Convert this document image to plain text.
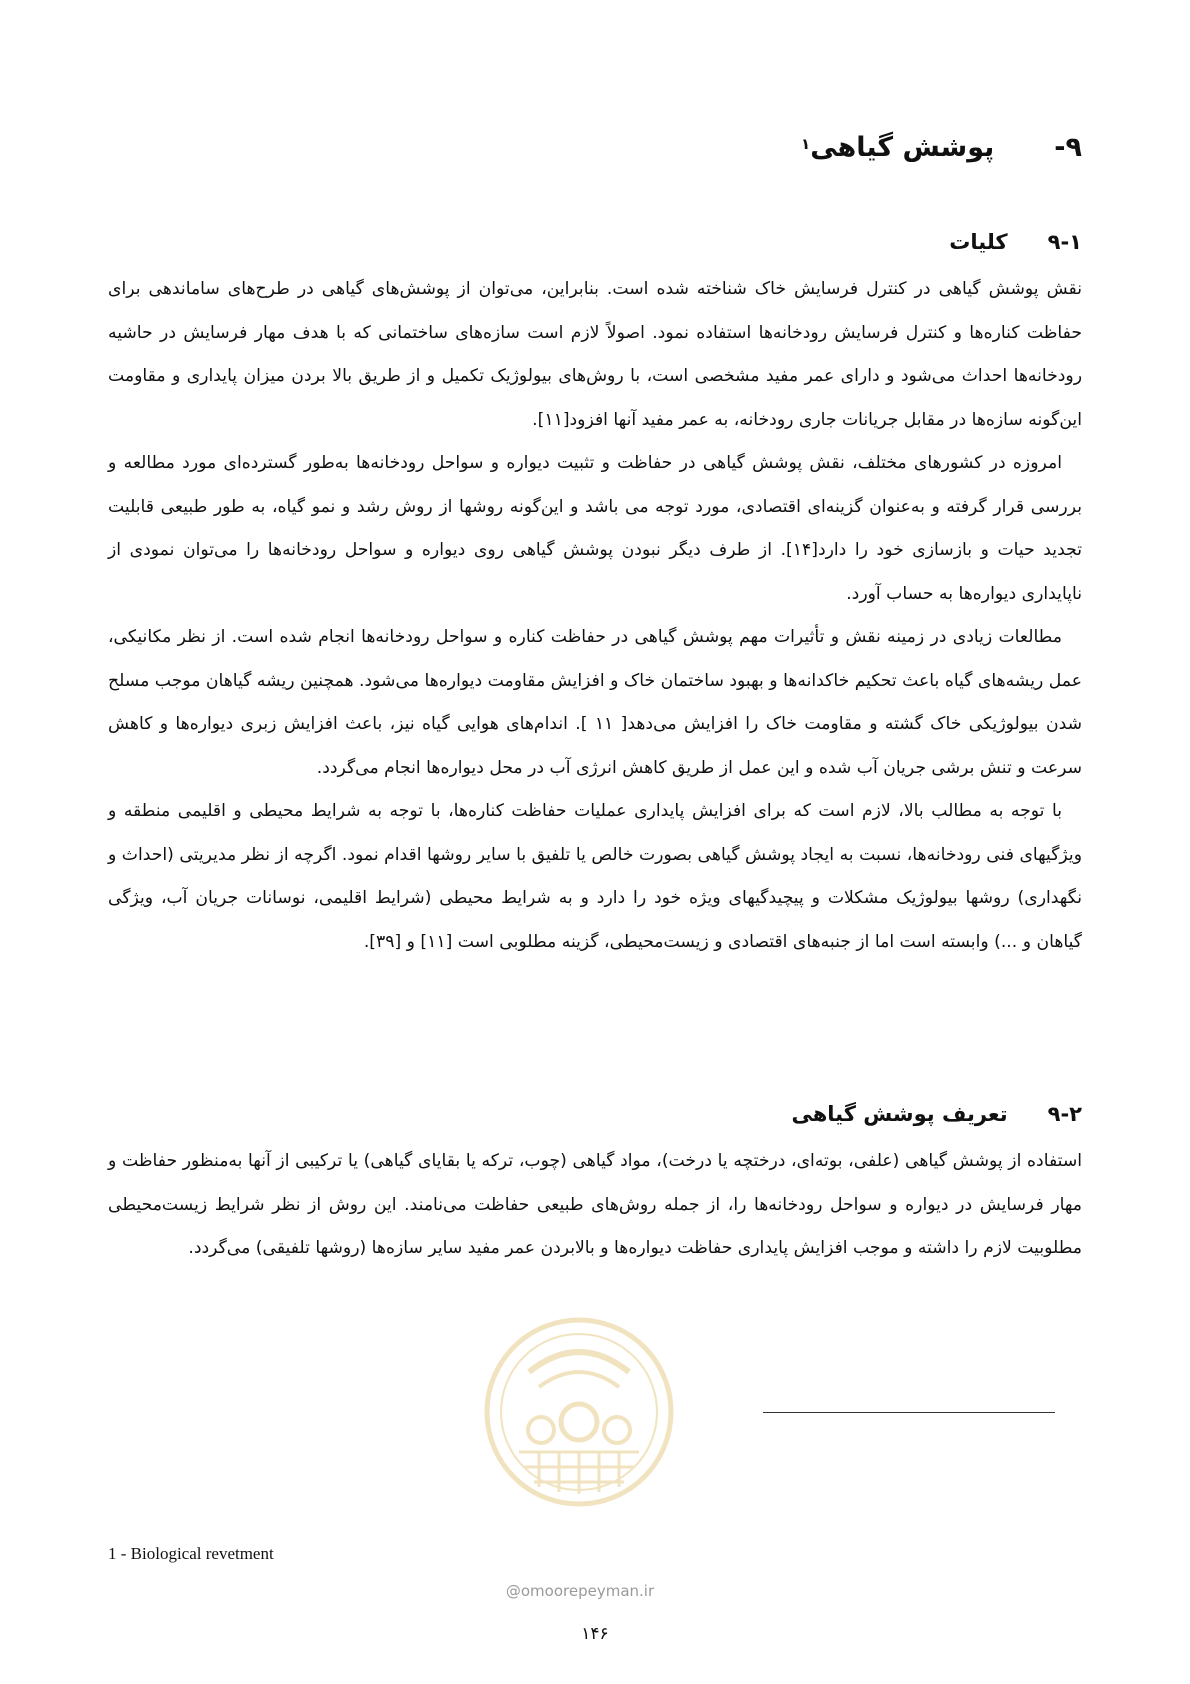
۹-پوشش گیاهی$^۱$
۹-۱کلیات

نقش پوشش گیاهی در کنترل فرسایش خاک شناخته شده است. بنابراین، می‌توان از پوشش‌های گیاهی در طرح‌های ساماندهی برای حفاظت کناره‌ها و کنترل فرسایش رودخانه‌ها استفاده نمود. اصولاً لازم است سازه‌های ساختمانی که با هدف مهار فرسایش در حاشیه رودخانه‌ها احداث می‌شود و دارای عمر مفید مشخصی است، با روش‌های بیولوژیک تکمیل و از طریق بالا بردن میزان پایداری و مقاومت این‌گونه سازه‌ها در مقابل جریانات جاری رودخانه، به عمر مفید آنها افزود[۱۱].

امروزه در کشورهای مختلف، نقش پوشش گیاهی در حفاظت و تثبیت دیواره و سواحل رودخانه‌ها به‌طور گسترده‌ای مورد مطالعه و بررسی قرار گرفته و به‌عنوان گزینه‌ای اقتصادی، مورد توجه می باشد و این‌گونه روشها از روش رشد و نمو گیاه، به طور طبیعی قابلیت تجدید حیات و بازسازی خود را دارد[۱۴]. از طرف دیگر نبودن پوشش گیاهی روی دیواره و سواحل رودخانه‌ها را می‌توان نمودی از ناپایداری دیواره‌ها به حساب آورد.

مطالعات زیادی در زمینه نقش و تأثیرات مهم پوشش گیاهی در حفاظت کناره و سواحل رودخانه‌ها انجام شده است. از نظر مکانیکی، عمل ریشه‌های گیاه باعث تحکیم خاکدانه‌ها و بهبود ساختمان خاک و افزایش مقاومت دیواره‌ها می‌شود. همچنین ریشه گیاهان موجب مسلح شدن بیولوژیکی خاک گشته و مقاومت خاک را افزایش می‌دهد[ ۱۱ ]. اندام‌های هوایی گیاه نیز، باعث افزایش زبری دیواره‌ها و کاهش سرعت و تنش برشی جریان آب شده و این عمل از طریق کاهش انرژی آب در محل دیواره‌ها انجام می‌گردد.

با توجه به مطالب بالا، لازم است که برای افزایش پایداری عملیات حفاظت کناره‌ها، با توجه به شرایط محیطی و اقلیمی منطقه و ویژگیهای فنی رودخانه‌ها، نسبت به ایجاد پوشش گیاهی بصورت خالص یا تلفیق با سایر روشها اقدام نمود. اگرچه از نظر مدیریتی (احداث و نگهداری) روشها بیولوژیک مشکلات و پیچیدگیهای ویژه خود را دارد و به شرایط محیطی (شرایط اقلیمی، نوسانات جریان آب، ویژگی گیاهان و ...) وابسته است اما از جنبه‌های اقتصادی و زیست‌محیطی، گزینه مطلوبی است [۱۱] و [۳۹].

۹-۲تعریف پوشش گیاهی

استفاده از پوشش گیاهی (علفی، بوته‌ای، درختچه یا درخت)، مواد گیاهی (چوب، ترکه یا بقایای گیاهی) یا ترکیبی از آنها به‌منظور حفاظت و مهار فرسایش در دیواره و سواحل رودخانه‌ها را، از جمله روش‌های طبیعی حفاظت می‌نامند. این روش از نظر شرایط زیست‌محیطی مطلوبیت لازم را داشته و موجب افزایش پایداری حفاظت دیواره‌ها و بالابردن عمر مفید سایر سازه‌ها (روشها تلفیقی) می‌گردد.

@omoorepeyman.ir
1 - Biological revetment
۱۴۶
